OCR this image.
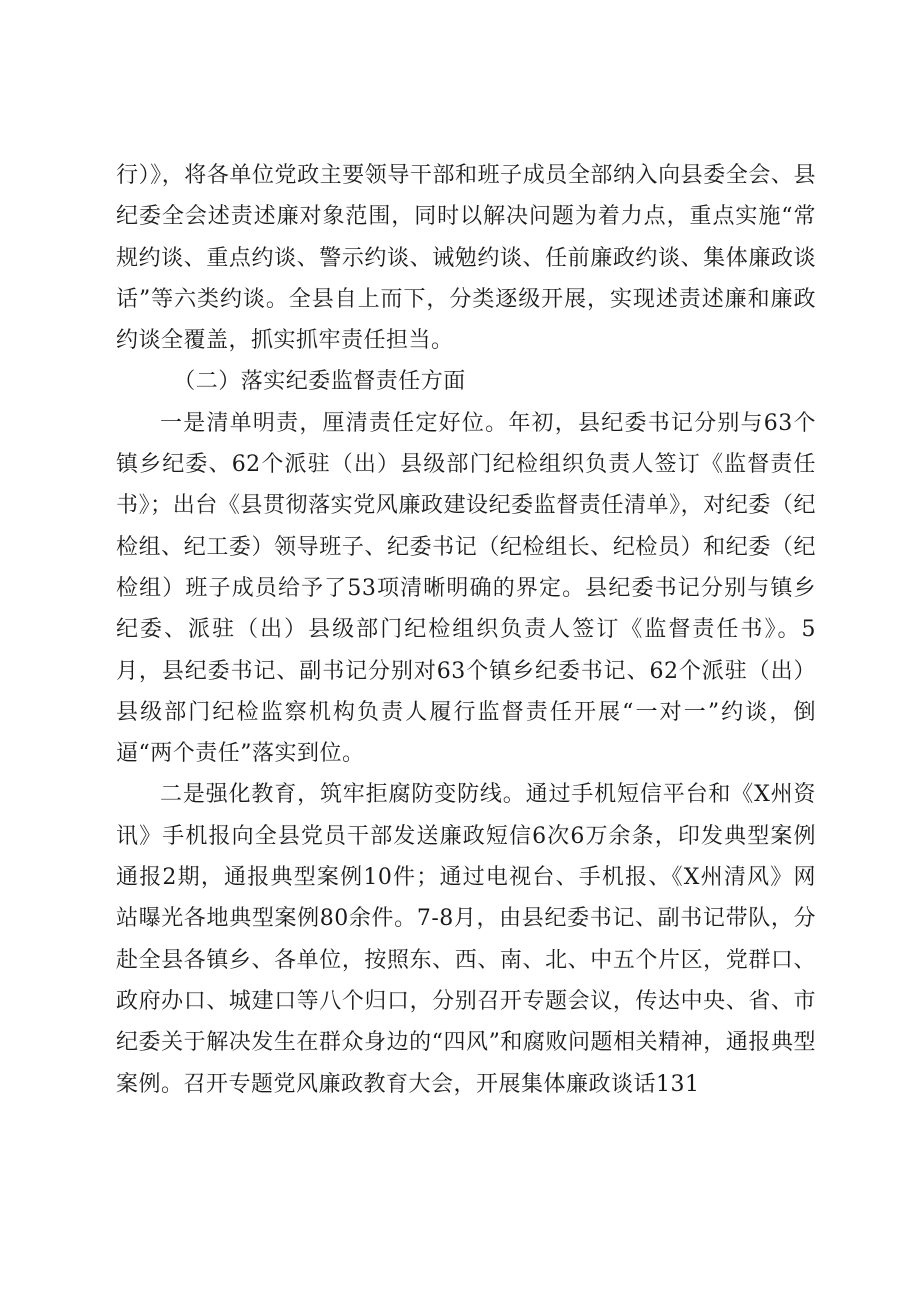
行）》，将各单位党政主要领导干部和班子成员全部纳入向县委全会、县纪委全会述责述廉对象范围，同时以解决问题为着力点，重点实施“常规约谈、重点约谈、警示约谈、诫勉约谈、任前廉政约谈、集体廉政谈话”等六类约谈。全县自上而下，分类逐级开展，实现述责述廉和廉政约谈全覆盖，抓实抓牢责任担当。

（二）落实纪委监督责任方面

一是清单明责，厘清责任定好位。年初，县纪委书记分别与63个镇乡纪委、62个派驻（出）县级部门纪检组织负责人签订《监督责任书》；出台《县贯彻落实党风廉政建设纪委监督责任清单》，对纪委（纪检组、纪工委）领导班子、纪委书记（纪检组长、纪检员）和纪委（纪检组）班子成员给予了53项清晰明确的界定。县纪委书记分别与镇乡纪委、派驻（出）县级部门纪检组织负责人签订《监督责任书》。5月，县纪委书记、副书记分别对63个镇乡纪委书记、62个派驻（出）县级部门纪检监察机构负责人履行监督责任开展“一对一”约谈，倒逼“两个责任”落实到位。

二是强化教育，筑牢拒腐防变防线。通过手机短信平台和《X州资讯》手机报向全县党员干部发送廉政短信6次6万余条，印发典型案例通报2期，通报典型案例10件；通过电视台、手机报、《X州清风》网站曝光各地典型案例80余件。7-8月，由县纪委书记、副书记带队，分赴全县各镇乡、各单位，按照东、西、南、北、中五个片区，党群口、政府办口、城建口等八个归口，分别召开专题会议，传达中央、省、市纪委关于解决发生在群众身边的“四风”和腐败问题相关精神，通报典型案例。召开专题党风廉政教育大会，开展集体廉政谈话131
